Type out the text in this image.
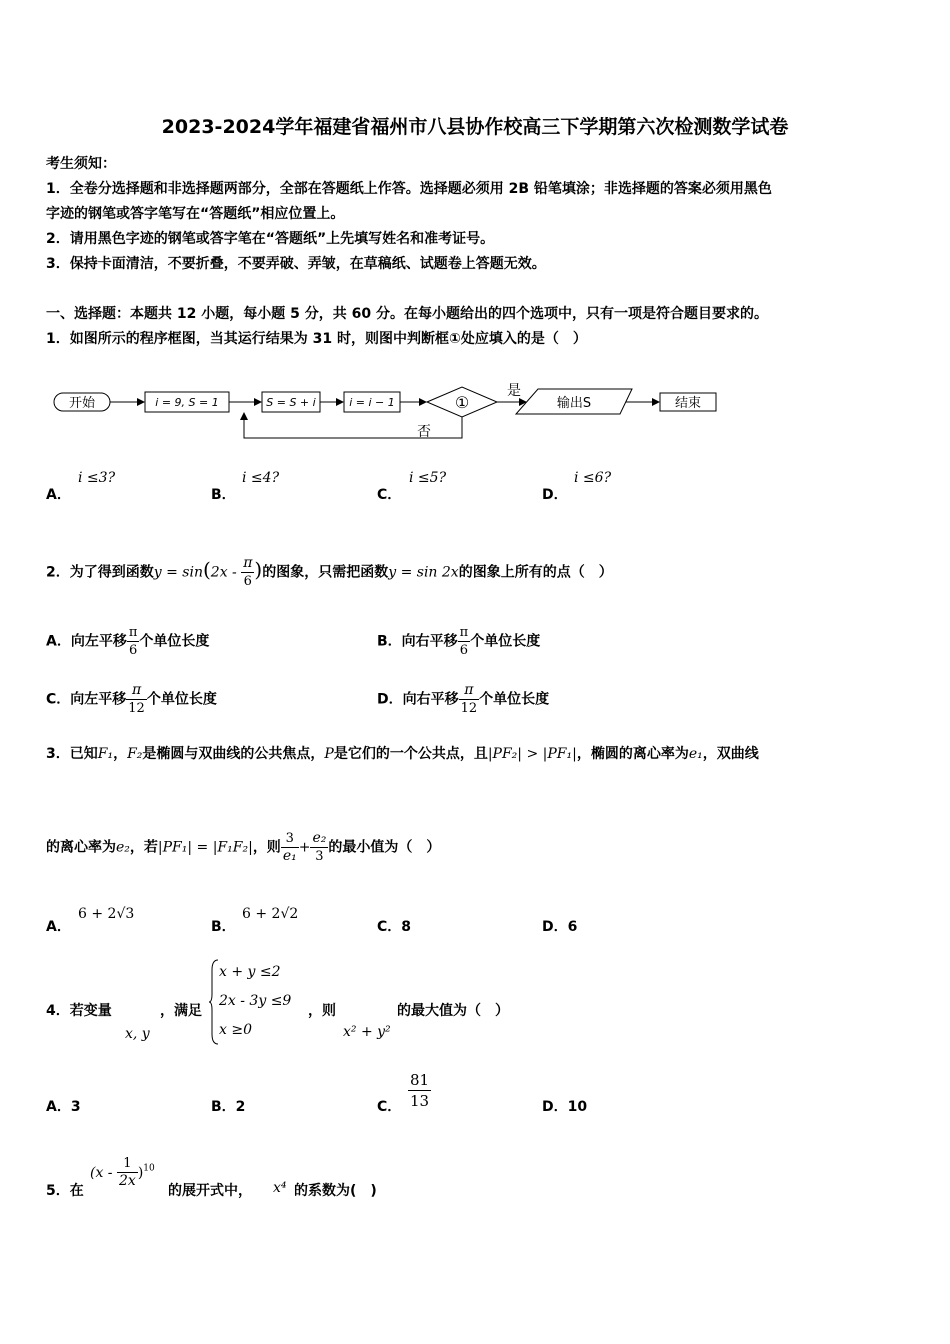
2023-2024学年福建省福州市八县协作校高三下学期第六次检测数学试卷
考生须知：
1．全卷分选择题和非选择题两部分，全部在答题纸上作答。选择题必须用 2B 铅笔填涂；非选择题的答案必须用黑色
字迹的钢笔或答字笔写在“答题纸”相应位置上。
2．请用黑色字迹的钢笔或答字笔在“答题纸”上先填写姓名和准考证号。
3．保持卡面清洁，不要折叠，不要弄破、弄皱，在草稿纸、试题卷上答题无效。
一、选择题：本题共 12 小题，每小题 5 分，共 60 分。在每小题给出的四个选项中，只有一项是符合题目要求的。
1．如图所示的程序框图，当其运行结果为 31 时，则图中判断框①处应填入的是（　）
开始	i = 9, S = 1	S = S + i	i = i − 1	①
是
输出S	结束
否
A．
i ≤3?
B．
i ≤4?
C．
i ≤5?
D．
i ≤6?
2．为了得到函数$y = \sin(2x - \frac{\pi}{6}$ )的图象，只需把函数y = sin 2x的图象上所有的点（　）
A．向左平移 $\frac{\pi}{6}$ 个单位长度	B．向右平移 $\frac{\pi}{6}$ 个单位长度
C．向左平移 $\frac{\pi}{12}$ 个单位长度	D．向右平移 $\frac{\pi}{12}$ 个单位长度
3．已知F₁，F₂是椭圆与双曲线的公共焦点，P是它们的一个公共点，且|PF₂| > |PF₁|，椭圆的离心率为e₁，双曲线
的离心率为e₂，若|PF₁| = |F₁F₂|，则 $\frac{3}{\text{e₁}} + \frac{\text{e₂}}{3}$ 的最小值为（　）
A．
6 + 2√3
B．
6 + 2√2
C．8	D．6
4．若变量
x, y
，满足
x + y ≤2
2x - 3y ≤9
x ≥0
，则
x² + y²
的最大值为（　）
A．3	B．2	C． $\frac{81}{13}$	D．10
5．在
$(x - \frac{1}{2x} )^{10}$
的展开式中， x⁴ 的系数为(　)
